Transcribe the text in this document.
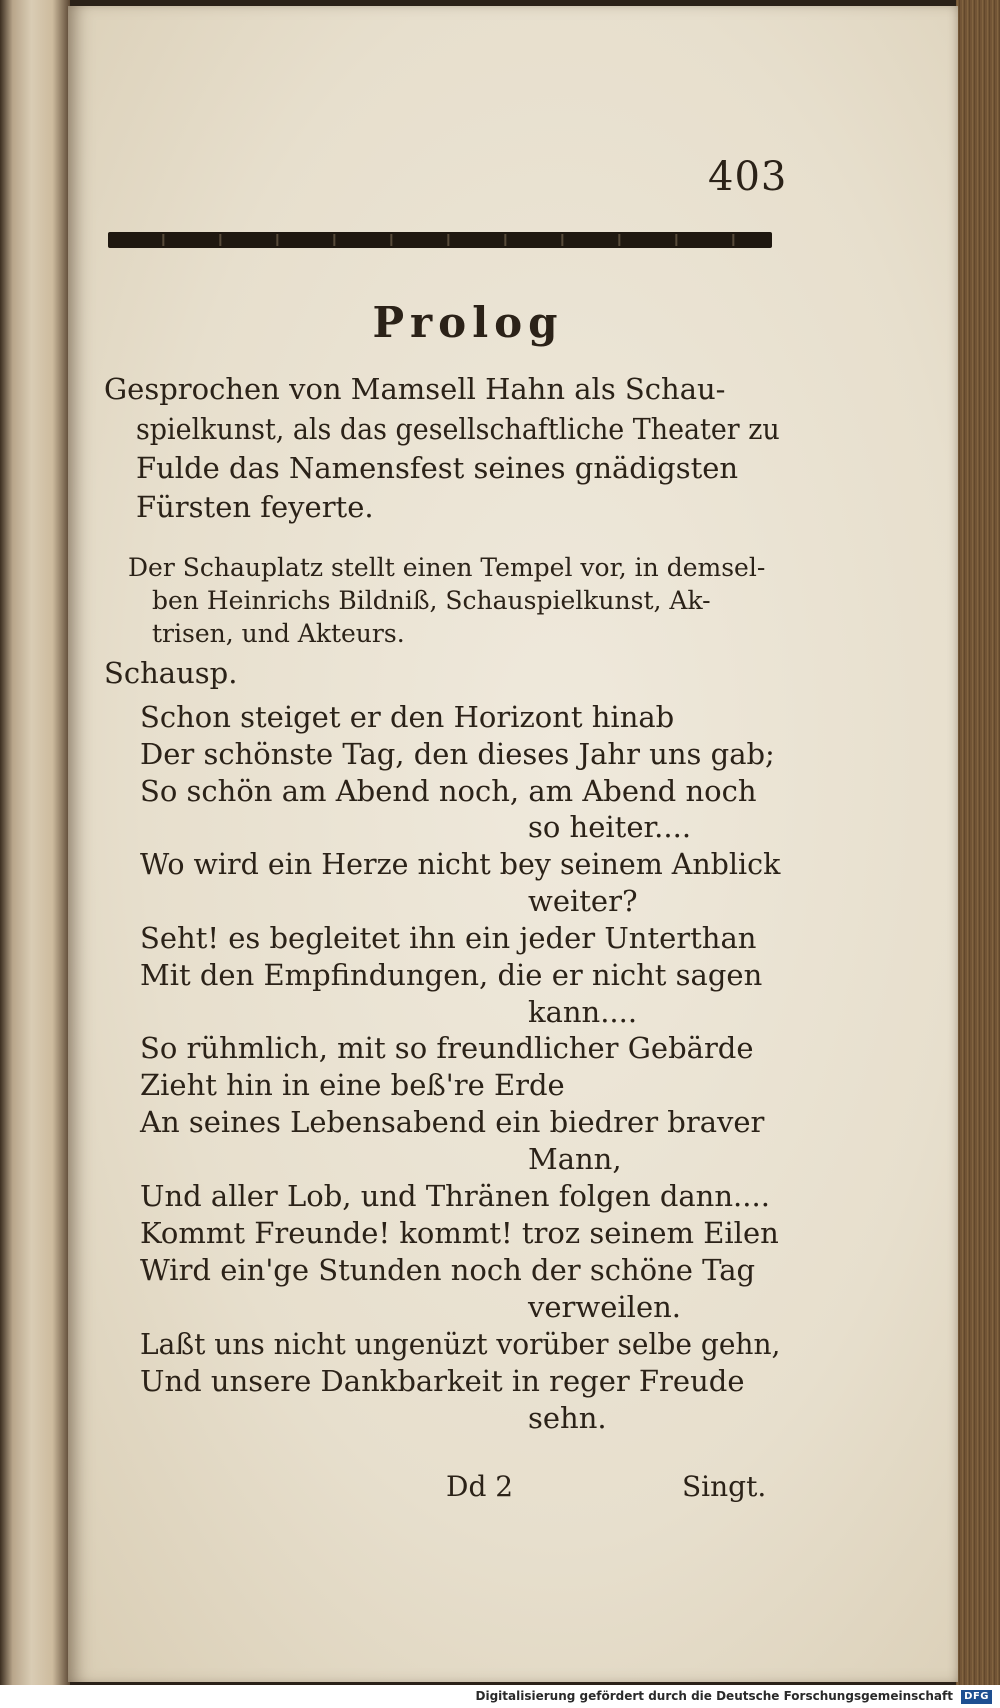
403
Prolog
Gesprochen von Mamsell Hahn als Schau-
spielkunst, als das gesellschaftliche Theater zu
Fulde das Namensfest seines gnädigsten
Fürsten feyerte.
Der Schauplatz stellt einen Tempel vor, in demsel-
ben Heinrichs Bildniß, Schauspielkunst, Ak-
trisen, und Akteurs.
Schausp.
Schon steiget er den Horizont hinab
Der schönste Tag, den dieses Jahr uns gab;
So schön am Abend noch, am Abend noch
so heiter....
Wo wird ein Herze nicht bey seinem Anblick
weiter?
Seht! es begleitet ihn ein jeder Unterthan
Mit den Empfindungen, die er nicht sagen
kann....
So rühmlich, mit so freundlicher Gebärde
Zieht hin in eine beß're Erde
An seines Lebensabend ein biedrer braver
Mann,
Und aller Lob, und Thränen folgen dann....
Kommt Freunde! kommt! troz seinem Eilen
Wird ein'ge Stunden noch der schöne Tag
verweilen.
Laßt uns nicht ungenüzt vorüber selbe gehn,
Und unsere Dankbarkeit in reger Freude
sehn.
Dd 2	Singt.
Digitalisierung gefördert durch die Deutsche Forschungsgemeinschaft DFG
